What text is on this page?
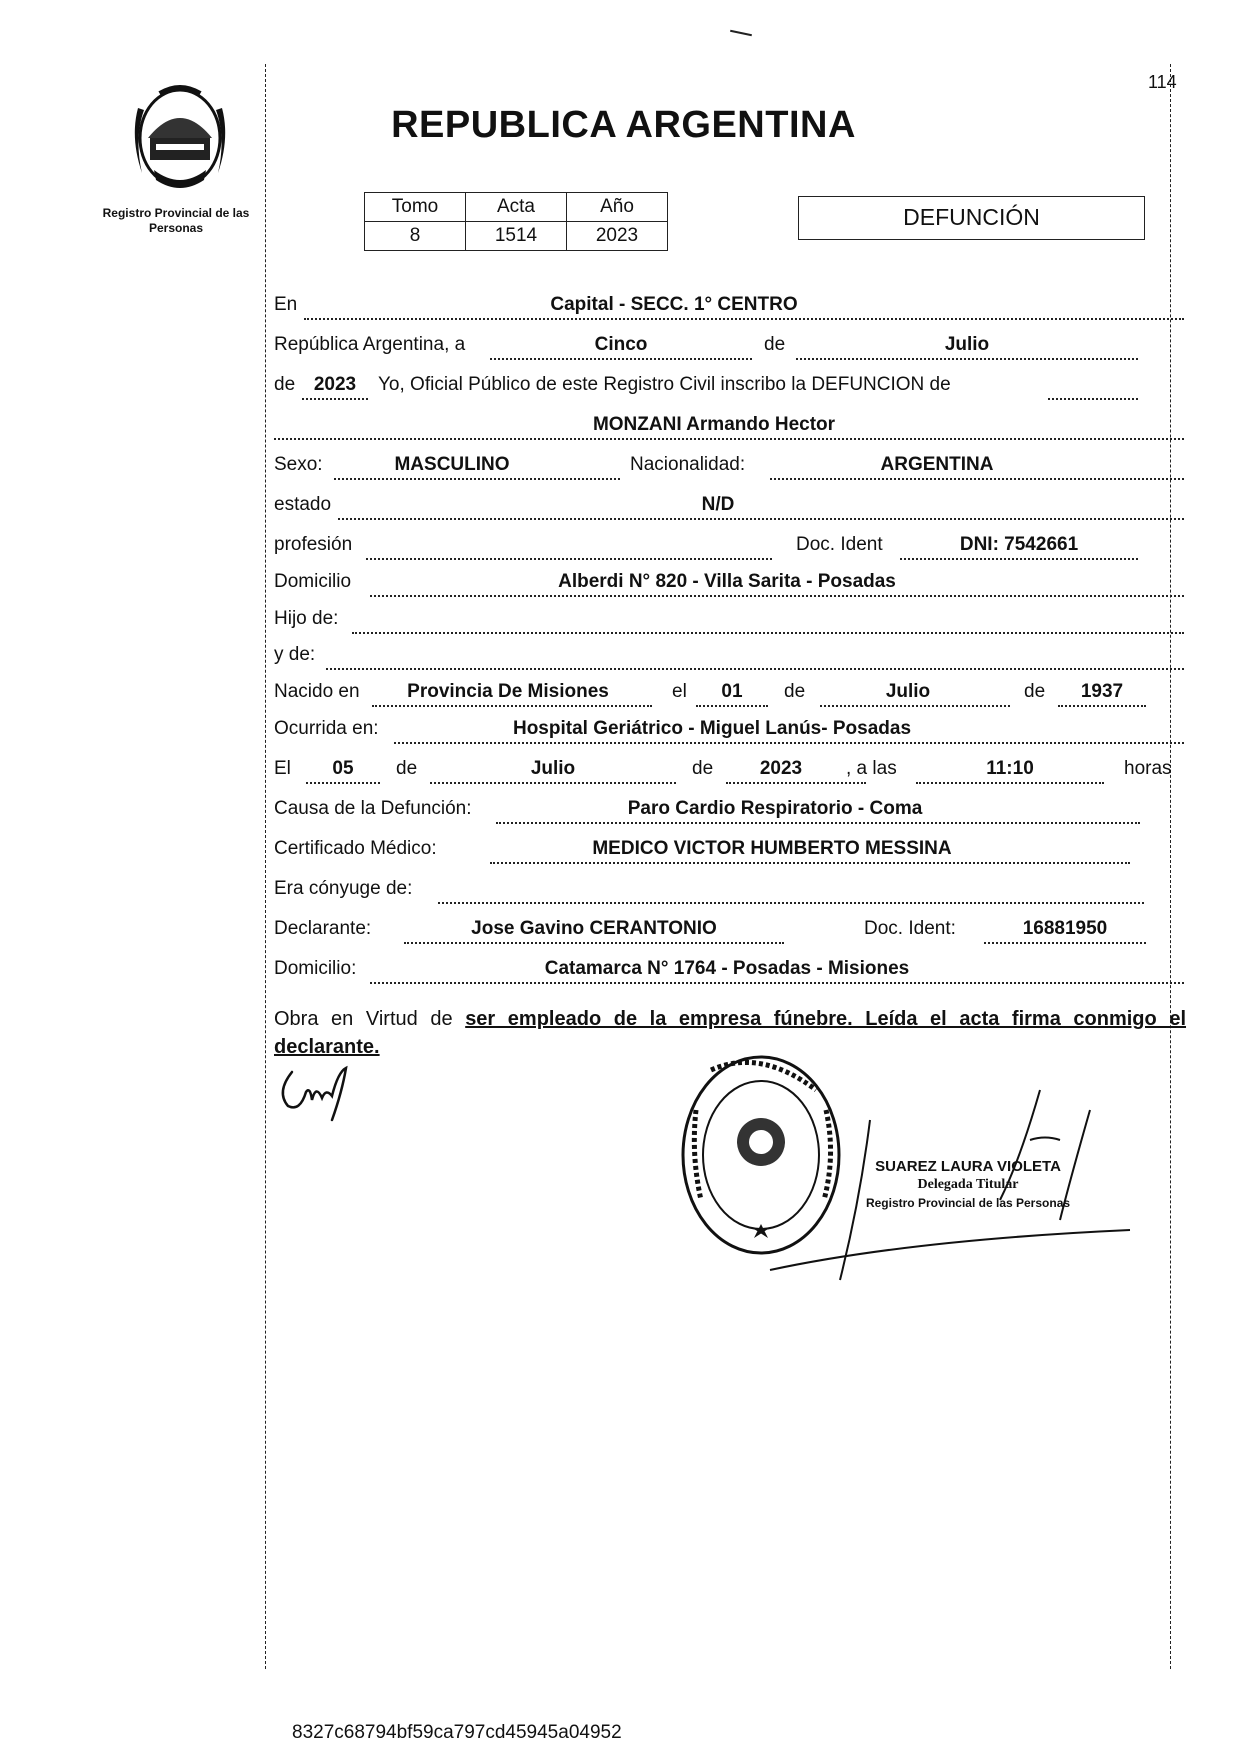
Registro Provincial de las Personas
114
REPUBLICA ARGENTINA
Tomo	Acta	Año
8	1514	2023
DEFUNCIÓN
En	Capital - SECC. 1° CENTRO
República Argentina, a	Cinco	de	Julio
de 2023	Yo, Oficial Público de este Registro Civil inscribo la DEFUNCION de
MONZANI Armando Hector
Sexo:	MASCULINO	Nacionalidad:	ARGENTINA
estado	N/D
profesión	Doc. Ident	DNI: 7542661
Domicilio	Alberdi N° 820 - Villa Sarita - Posadas
Hijo de:
y de:
Nacido en	Provincia De Misiones	el	01	de	Julio	de	1937
Ocurrida en:	Hospital Geriátrico - Miguel Lanús- Posadas
El	05	de	Julio	de	2023	, a las	11:10	horas
Causa de la Defunción:	Paro Cardio Respiratorio - Coma
Certificado Médico:	MEDICO VICTOR HUMBERTO MESSINA
Era cónyuge de:
Declarante:	Jose Gavino CERANTONIO	Doc. Ident:	16881950
Domicilio:	Catamarca N° 1764 - Posadas - Misiones
Obra en Virtud de ser empleado de la empresa fúnebre. Leída el acta firma conmigo el declarante.
SUAREZ LAURA VIOLETA
Delegada Titular
Registro Provincial de las Personas
8327c68794bf59ca797cd45945a04952
